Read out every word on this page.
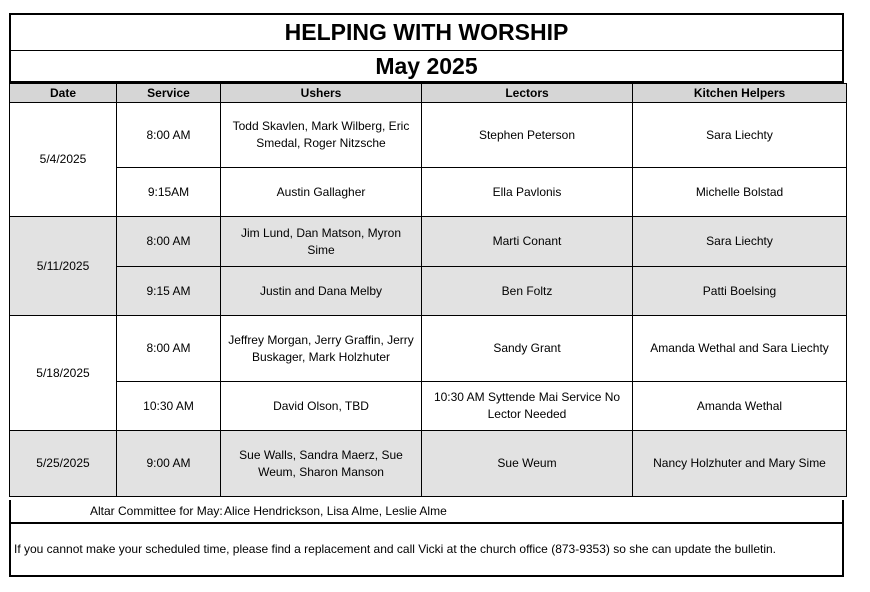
HELPING WITH WORSHIP
May 2025
Date	Service	Ushers	Lectors	Kitchen Helpers
5/4/2025	8:00 AM	Todd Skavlen, Mark Wilberg, Eric Smedal, Roger Nitzsche	Stephen Peterson	Sara Liechty
	9:15AM	Austin Gallagher	Ella Pavlonis	Michelle Bolstad
5/11/2025	8:00 AM	Jim Lund, Dan Matson, Myron Sime	Marti Conant	Sara Liechty
	9:15 AM	Justin and Dana Melby	Ben Foltz	Patti Boelsing
5/18/2025	8:00 AM	Jeffrey Morgan, Jerry Graffin, Jerry Buskager, Mark Holzhuter	Sandy Grant	Amanda Wethal and Sara Liechty
	10:30 AM	David Olson, TBD	10:30 AM Syttende Mai Service No Lector Needed	Amanda Wethal
5/25/2025	9:00 AM	Sue Walls, Sandra Maerz, Sue Weum, Sharon Manson	Sue Weum	Nancy Holzhuter and Mary Sime
Altar Committee for May: Alice Hendrickson, Lisa Alme, Leslie Alme
If you cannot make your scheduled time, please find a replacement and call Vicki at the church office (873-9353) so she can update the bulletin.
